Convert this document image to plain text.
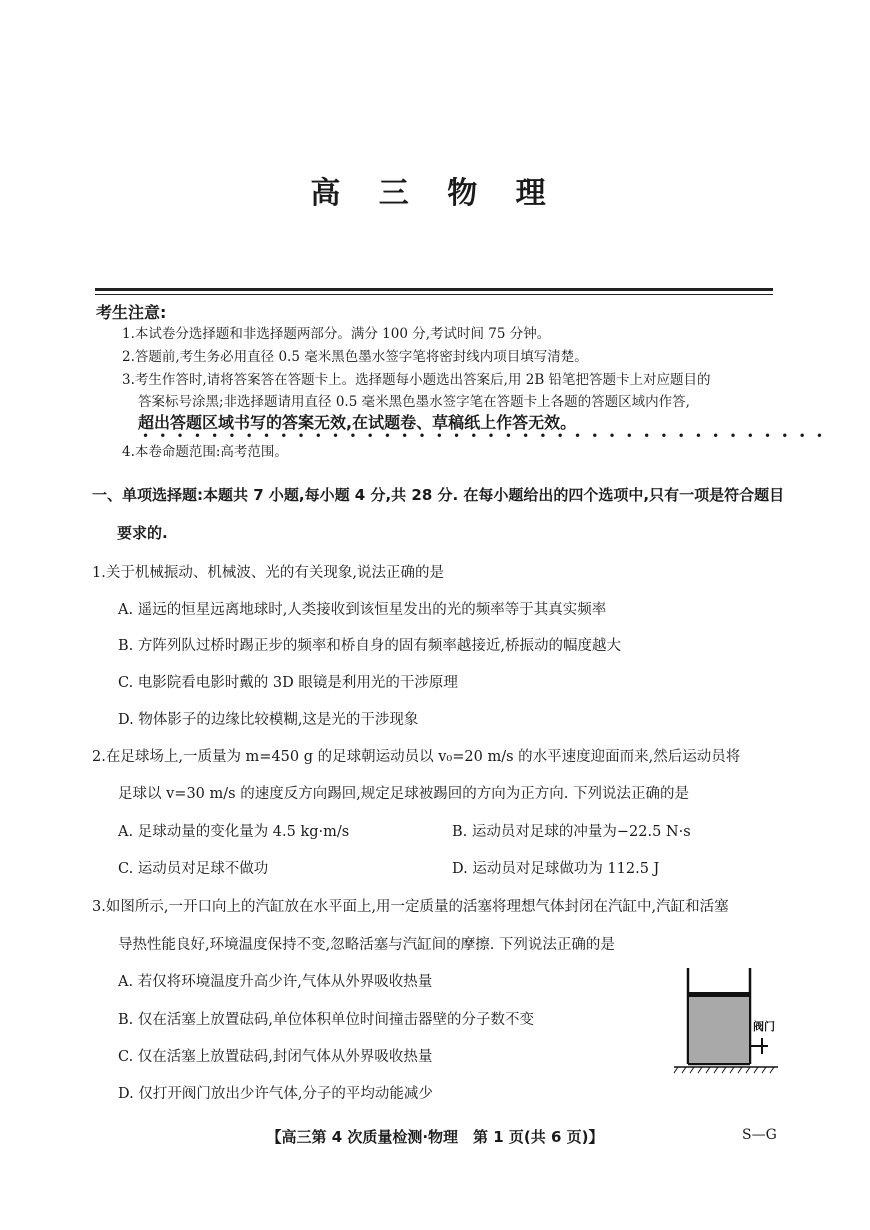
高 三 物 理
考生注意:
1.本试卷分选择题和非选择题两部分。满分 100 分,考试时间 75 分钟。
2.答题前,考生务必用直径 0.5 毫米黑色墨水签字笔将密封线内项目填写清楚。
3.考生作答时,请将答案答在答题卡上。选择题每小题选出答案后,用 2B 铅笔把答题卡上对应题目的
答案标号涂黑;非选择题请用直径 0.5 毫米黑色墨水签字笔在答题卡上各题的答题区域内作答,
超出答题区域书写的答案无效,在试题卷、草稿纸上作答无效。
••••••••••••••••••••••••••••••••••••••••
4.本卷命题范围:高考范围。
一、单项选择题:本题共 7 小题,每小题 4 分,共 28 分. 在每小题给出的四个选项中,只有一项是符合题目
要求的.
1.关于机械振动、机械波、光的有关现象,说法正确的是
A. 遥远的恒星远离地球时,人类接收到该恒星发出的光的频率等于其真实频率
B. 方阵列队过桥时踢正步的频率和桥自身的固有频率越接近,桥振动的幅度越大
C. 电影院看电影时戴的 3D 眼镜是利用光的干涉原理
D. 物体影子的边缘比较模糊,这是光的干涉现象
2.在足球场上,一质量为 m=450 g 的足球朝运动员以 v₀=20 m/s 的水平速度迎面而来,然后运动员将
足球以 v=30 m/s 的速度反方向踢回,规定足球被踢回的方向为正方向. 下列说法正确的是
A. 足球动量的变化量为 4.5 kg·m/s	B. 运动员对足球的冲量为−22.5 N·s
C. 运动员对足球不做功	D. 运动员对足球做功为 112.5 J
3.如图所示,一开口向上的汽缸放在水平面上,用一定质量的活塞将理想气体封闭在汽缸中,汽缸和活塞
导热性能良好,环境温度保持不变,忽略活塞与汽缸间的摩擦. 下列说法正确的是
A. 若仅将环境温度升高少许,气体从外界吸收热量
B. 仅在活塞上放置砝码,单位体积单位时间撞击器壁的分子数不变
C. 仅在活塞上放置砝码,封闭气体从外界吸收热量
D. 仅打开阀门放出少许气体,分子的平均动能减少
阀门
【高三第 4 次质量检测·物理　第 1 页(共 6 页)】	S—G
